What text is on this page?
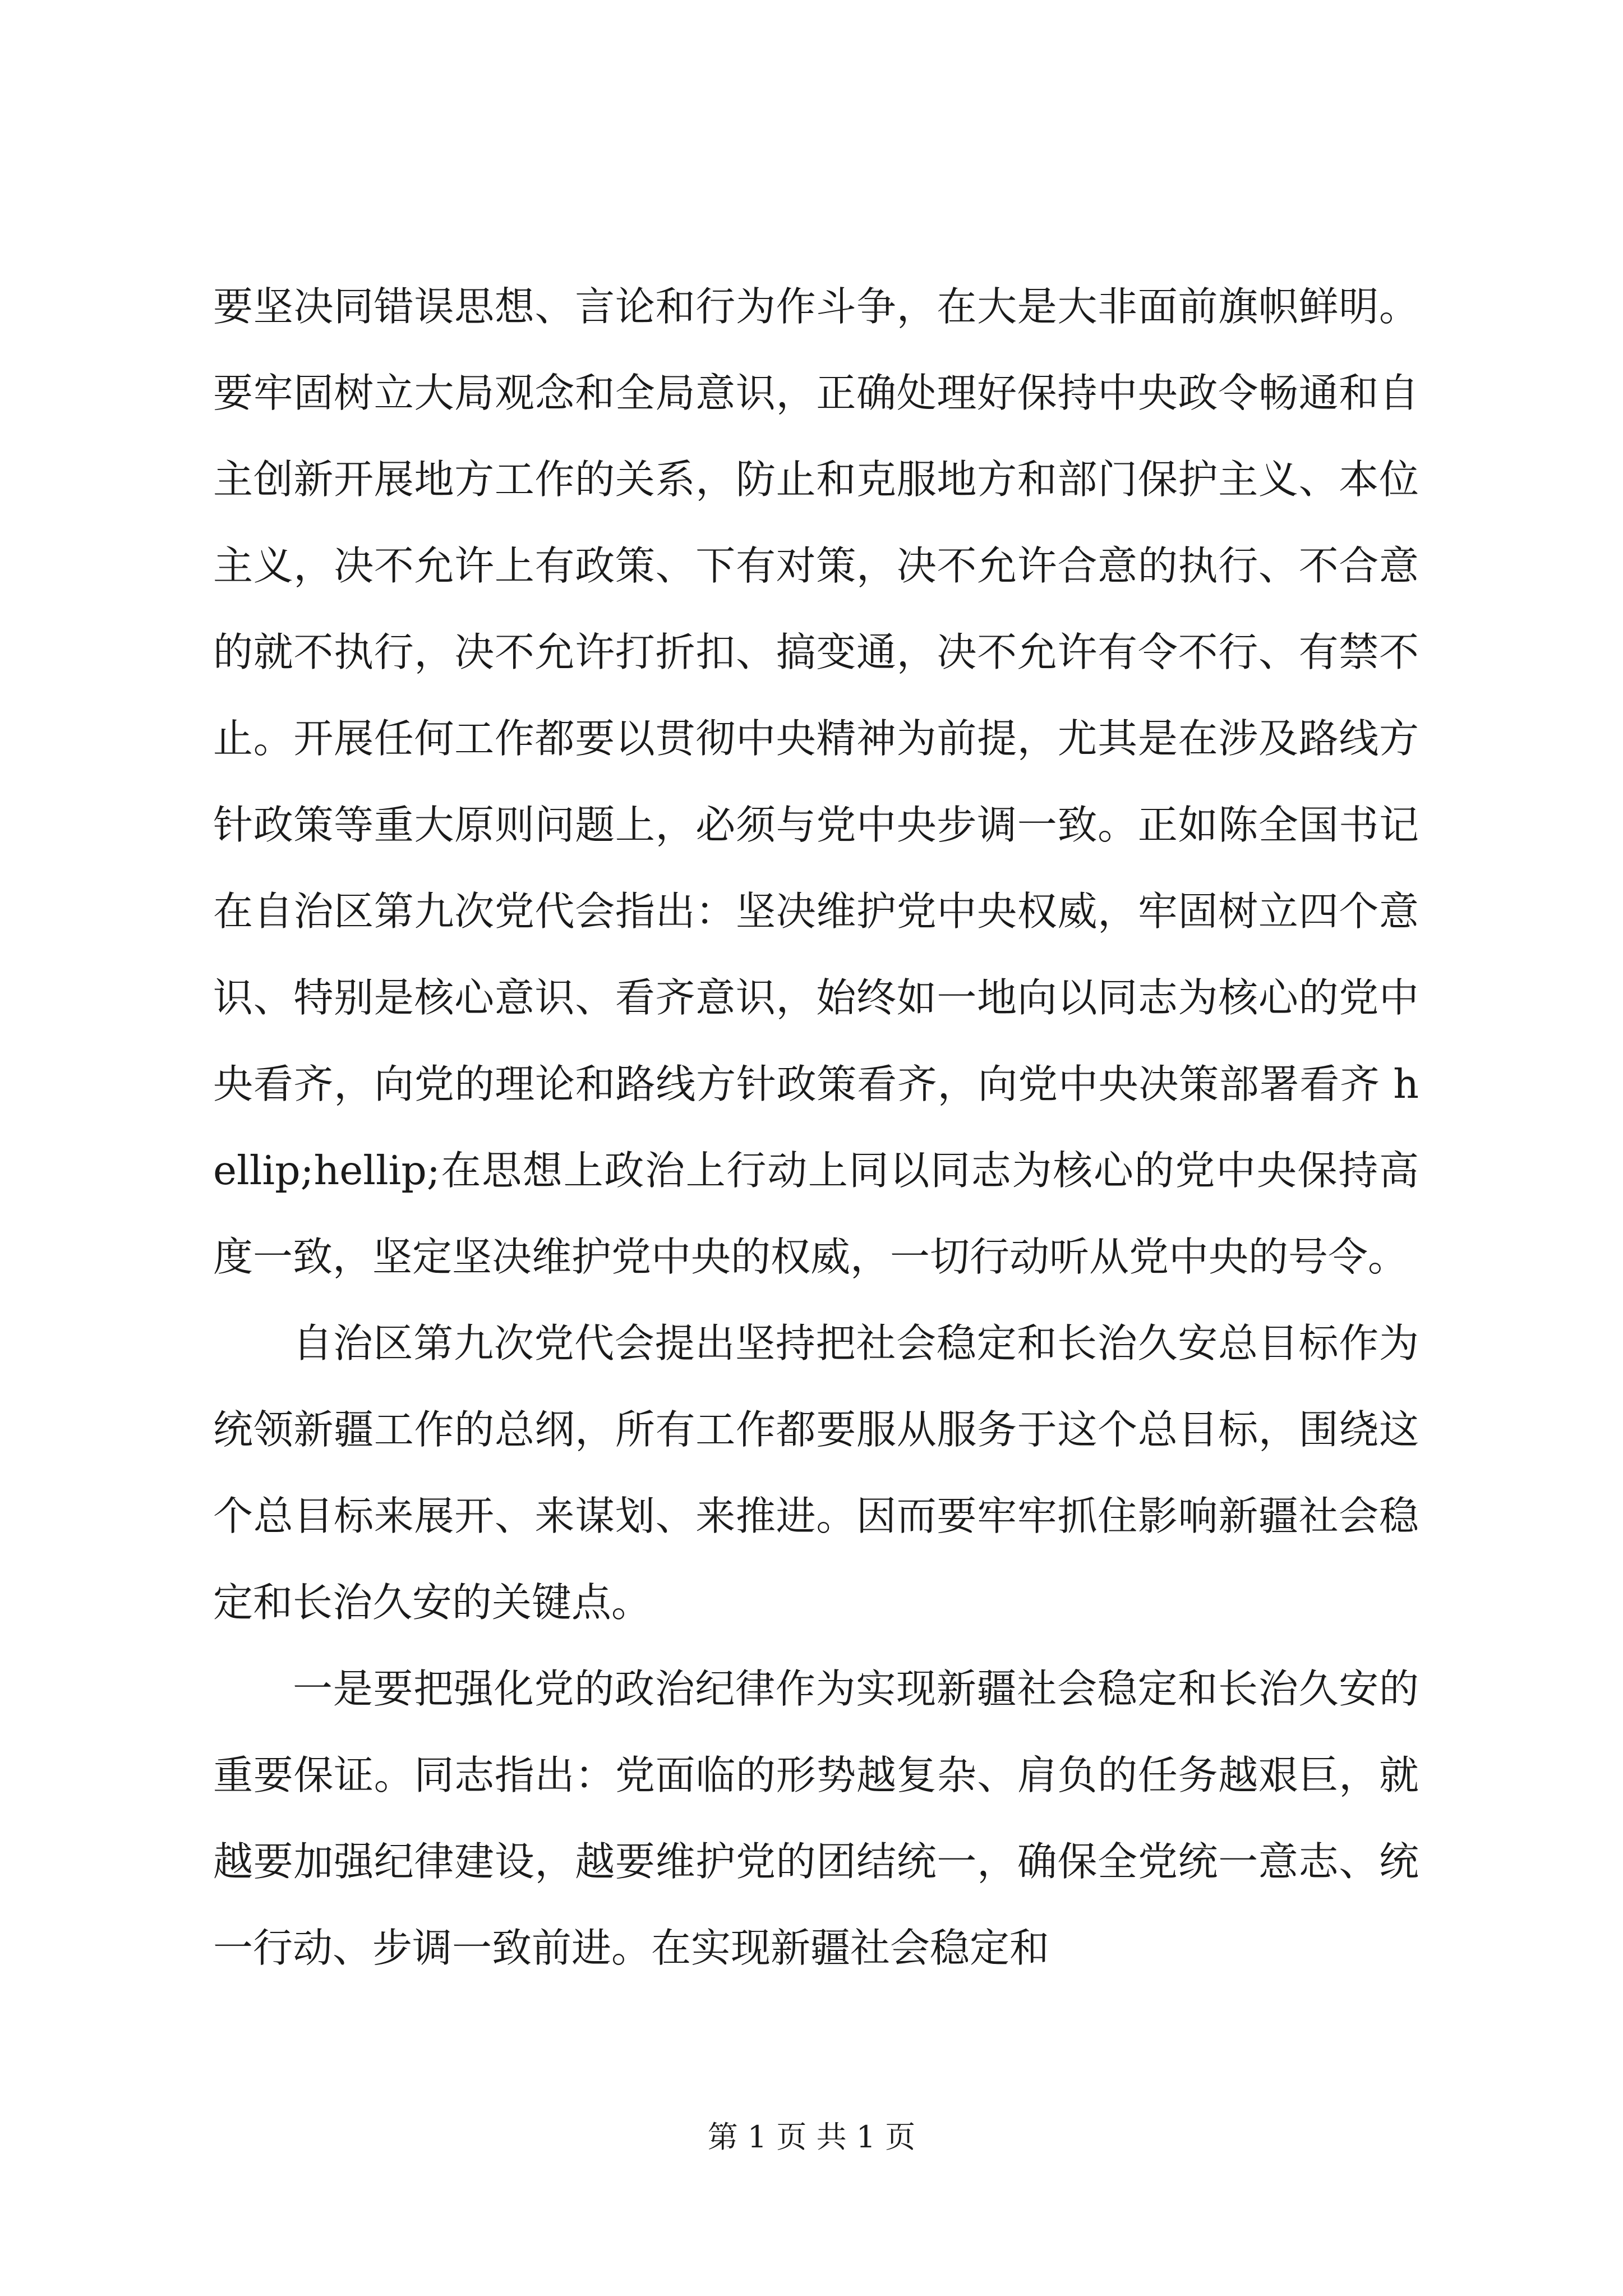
要坚决同错误思想、言论和行为作斗争，在大是大非面前旗帜鲜明。要牢固树立大局观念和全局意识，正确处理好保持中央政令畅通和自主创新开展地方工作的关系，防止和克服地方和部门保护主义、本位主义，决不允许上有政策、下有对策，决不允许合意的执行、不合意的就不执行，决不允许打折扣、搞变通，决不允许有令不行、有禁不止。开展任何工作都要以贯彻中央精神为前提，尤其是在涉及路线方针政策等重大原则问题上，必须与党中央步调一致。正如陈全国书记在自治区第九次党代会指出：坚决维护党中央权威，牢固树立四个意识、特别是核心意识、看齐意识，始终如一地向以同志为核心的党中央看齐，向党的理论和路线方针政策看齐，向党中央决策部署看齐 hellip;hellip;在思想上政治上行动上同以同志为核心的党中央保持高度一致，坚定坚决维护党中央的权威，一切行动听从党中央的号令。

自治区第九次党代会提出坚持把社会稳定和长治久安总目标作为统领新疆工作的总纲，所有工作都要服从服务于这个总目标，围绕这个总目标来展开、来谋划、来推进。因而要牢牢抓住影响新疆社会稳定和长治久安的关键点。

一是要把强化党的政治纪律作为实现新疆社会稳定和长治久安的重要保证。同志指出：党面临的形势越复杂、肩负的任务越艰巨，就越要加强纪律建设，越要维护党的团结统一，确保全党统一意志、统一行动、步调一致前进。在实现新疆社会稳定和

第 1 页 共 1 页
